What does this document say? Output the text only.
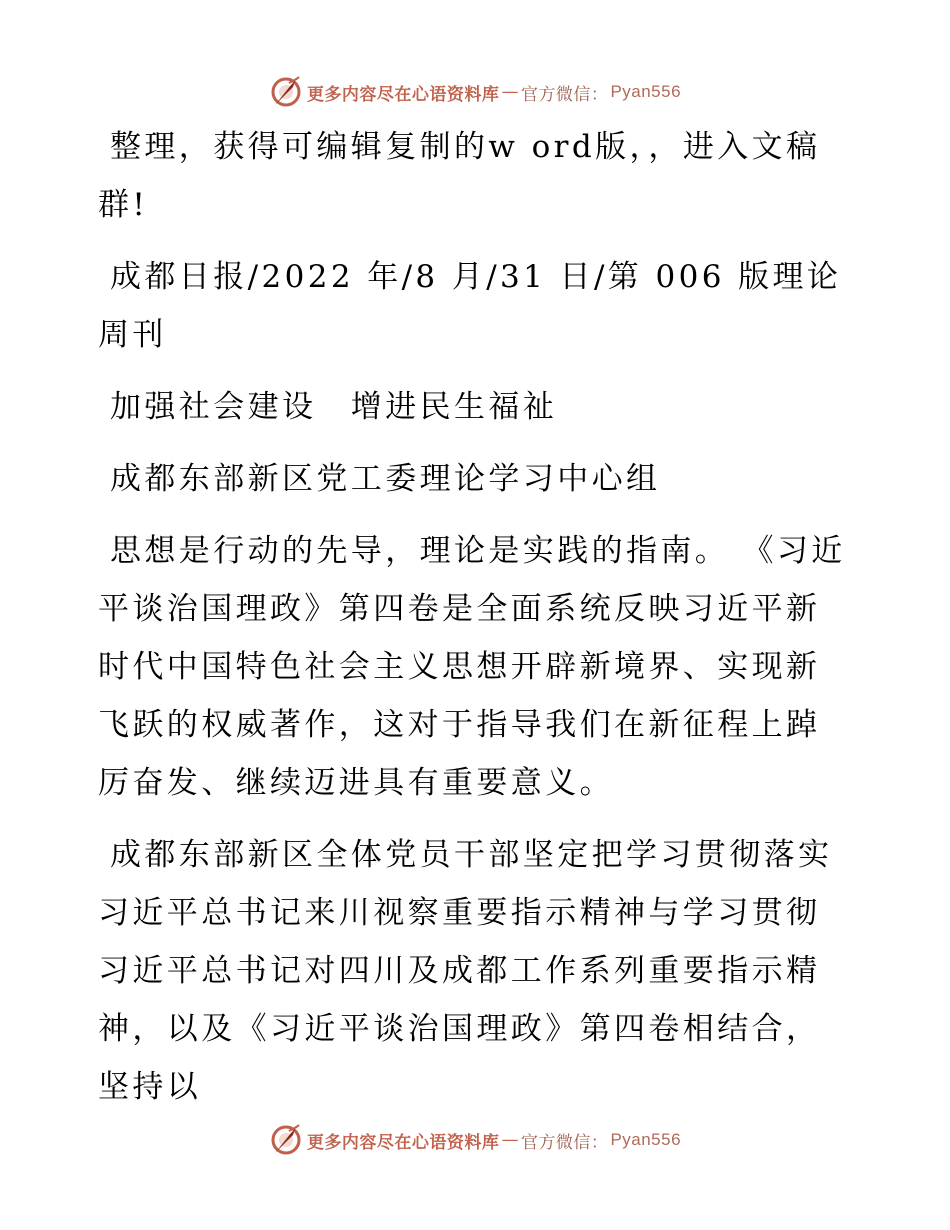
更多内容尽在心语资料库 — 官方微信： Pyan556

整理，获得可编辑复制的w ord版，，进入文稿群!

成都日报/2022 年/8 月/31 日/第 006 版理论周刊

加强社会建设　增进民生福祉

成都东部新区党工委理论学习中心组

思想是行动的先导，理论是实践的指南。 《习近平谈治国理政》第四卷是全面系统反映习近平新时代中国特色社会主义思想开辟新境界、实现新飞跃的权威著作，这对于指导我们在新征程上踔厉奋发、继续迈进具有重要意义。

成都东部新区全体党员干部坚定把学习贯彻落实习近平总书记来川视察重要指示精神与学习贯彻习近平总书记对四川及成都工作系列重要指示精神，以及《习近平谈治国理政》第四卷相结合，坚持以

更多内容尽在心语资料库 — 官方微信： Pyan556
